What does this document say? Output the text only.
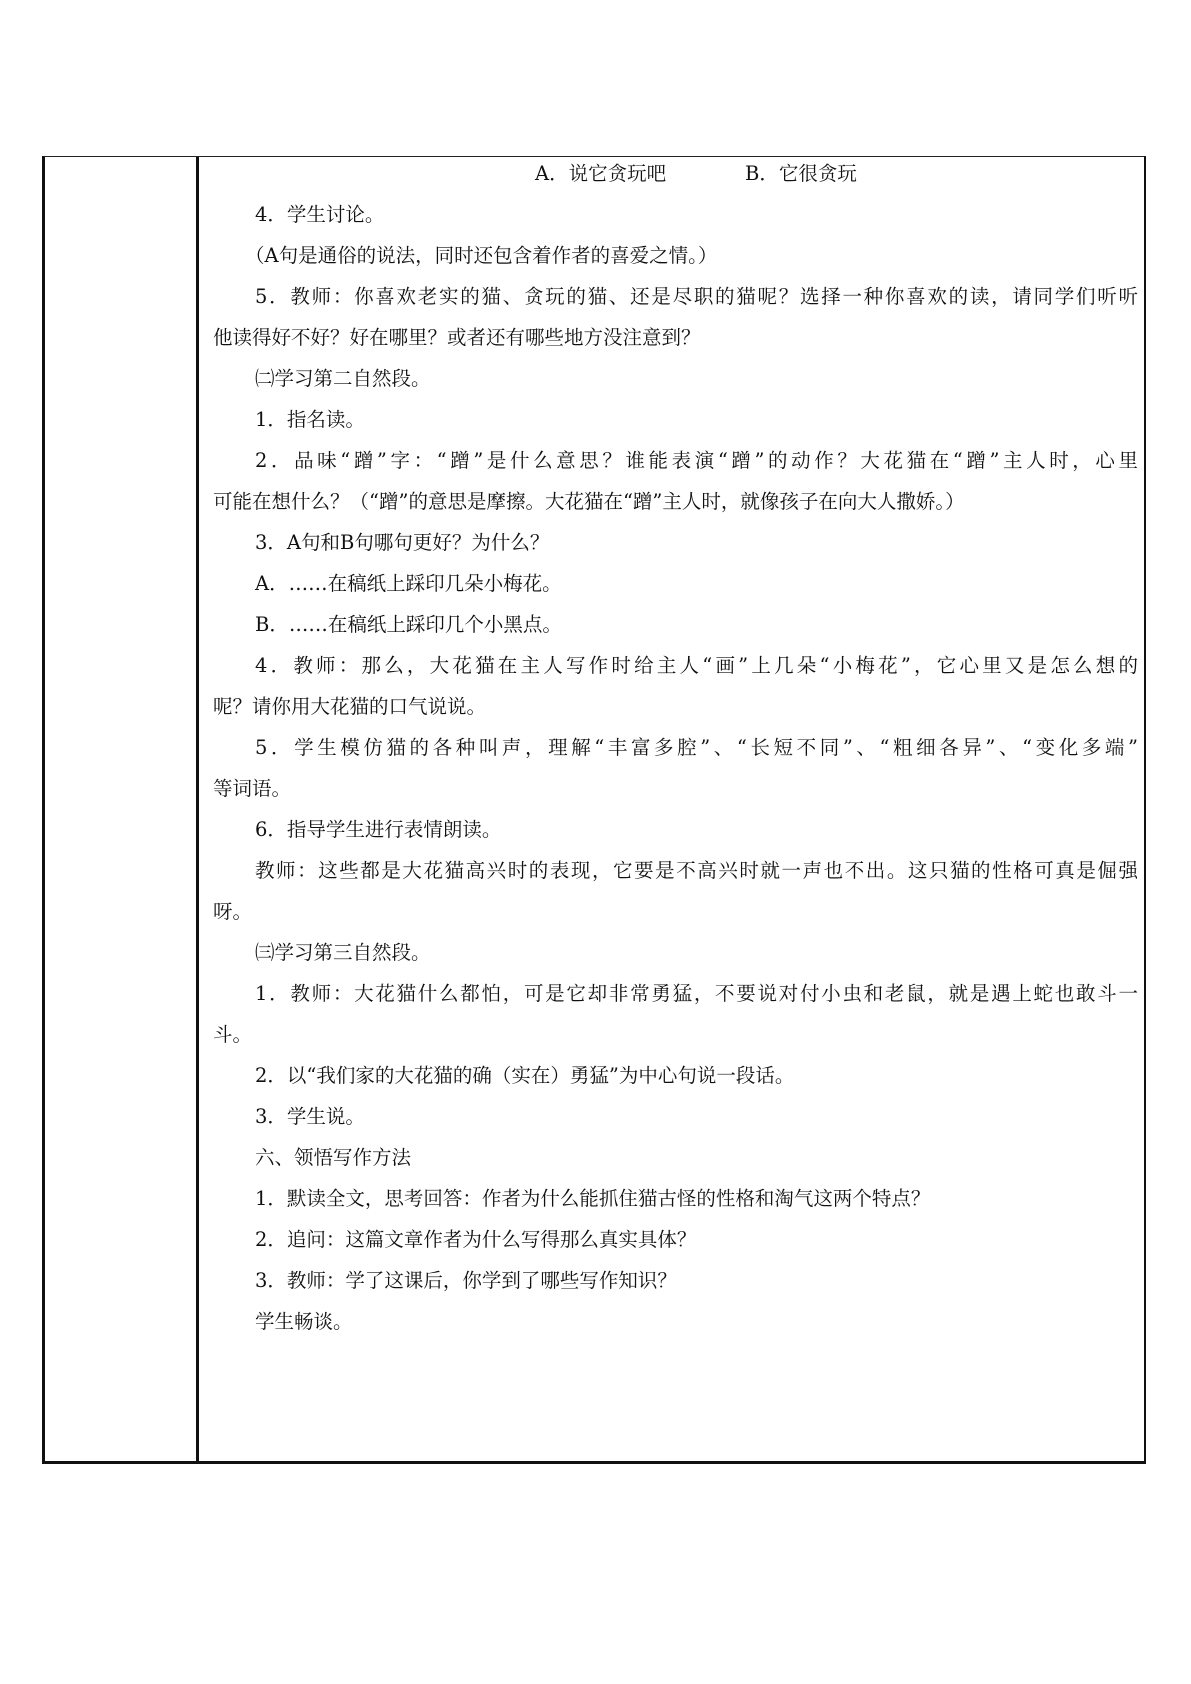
A．说它贪玩吧	B．它很贪玩
4．学生讨论。
（A句是通俗的说法，同时还包含着作者的喜爱之情。）
5．教师：你喜欢老实的猫、贪玩的猫、还是尽职的猫呢？选择一种你喜欢的读，请同学们听听
他读得好不好？好在哪里？或者还有哪些地方没注意到？
㈡学习第二自然段。
1．指名读。
2．品味“蹭”字：“蹭”是什么意思？谁能表演“蹭”的动作？大花猫在“蹭”主人时，心里
可能在想什么？（“蹭”的意思是摩擦。大花猫在“蹭”主人时，就像孩子在向大人撒娇。）
3．A句和B句哪句更好？为什么？
A．……在稿纸上踩印几朵小梅花。
B．……在稿纸上踩印几个小黑点。
4．教师：那么，大花猫在主人写作时给主人“画”上几朵“小梅花”，它心里又是怎么想的
呢？请你用大花猫的口气说说。
5．学生模仿猫的各种叫声，理解“丰富多腔”、“长短不同”、“粗细各异”、“变化多端”
等词语。
6．指导学生进行表情朗读。
教师：这些都是大花猫高兴时的表现，它要是不高兴时就一声也不出。这只猫的性格可真是倔强
呀。
㈢学习第三自然段。
1．教师：大花猫什么都怕，可是它却非常勇猛，不要说对付小虫和老鼠，就是遇上蛇也敢斗一
斗。
2．以“我们家的大花猫的确（实在）勇猛”为中心句说一段话。
3．学生说。
六、领悟写作方法
1．默读全文，思考回答：作者为什么能抓住猫古怪的性格和淘气这两个特点？
2．追问：这篇文章作者为什么写得那么真实具体？
3．教师：学了这课后，你学到了哪些写作知识？
学生畅谈。
